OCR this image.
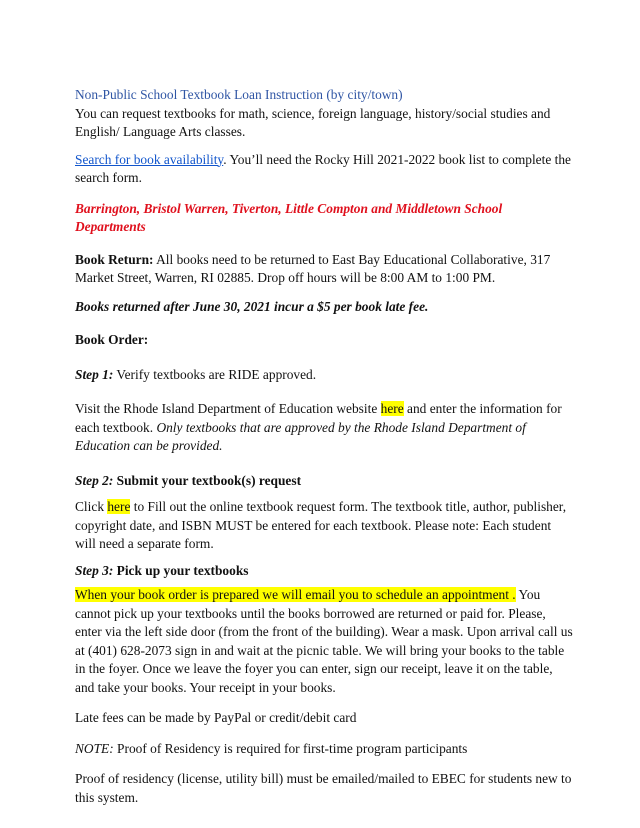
Non-Public School Textbook Loan Instruction (by city/town)

You can request textbooks for math, science, foreign language, history/social studies and English/ Language Arts classes.

Search for book availability. You’ll need the Rocky Hill 2021-2022 book list to complete the search form.

Barrington, Bristol Warren, Tiverton, Little Compton and Middletown School Departments

Book Return: All books need to be returned to East Bay Educational Collaborative, 317 Market Street, Warren, RI 02885. Drop off hours will be 8:00 AM to 1:00 PM.

Books returned after June 30, 2021 incur a $5 per book late fee.

Book Order:

Step 1: Verify textbooks are RIDE approved.

Visit the Rhode Island Department of Education website here and enter the information for each textbook. Only textbooks that are approved by the Rhode Island Department of Education can be provided.

Step 2: Submit your textbook(s) request

Click here to Fill out the online textbook request form. The textbook title, author, publisher, copyright date, and ISBN MUST be entered for each textbook. Please note: Each student will need a separate form.

Step 3: Pick up your textbooks

When your book order is prepared we will email you to schedule an appointment . You cannot pick up your textbooks until the books borrowed are returned or paid for. Please, enter via the left side door (from the front of the building). Wear a mask. Upon arrival call us at (401) 628-2073 sign in and wait at the picnic table. We will bring your books to the table in the foyer. Once we leave the foyer you can enter, sign our receipt, leave it on the table, and take your books. Your receipt in your books.

Late fees can be made by PayPal or credit/debit card

NOTE: Proof of Residency is required for first-time program participants

Proof of residency (license, utility bill) must be emailed/mailed to EBEC for students new to this system.
